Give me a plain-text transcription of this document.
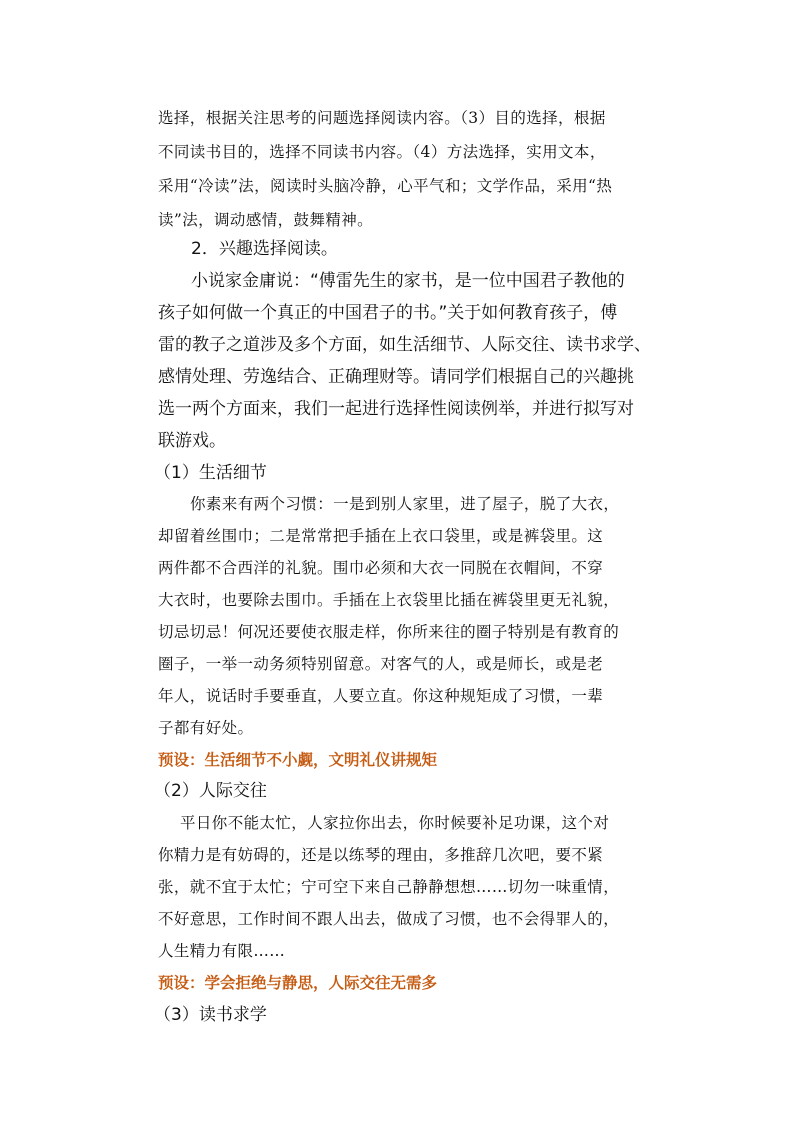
选择，根据关注思考的问题选择阅读内容。（3）目的选择，根据
不同读书目的，选择不同读书内容。（4）方法选择，实用文本，
采用“冷读”法，阅读时头脑冷静，心平气和；文学作品，采用“热
读”法，调动感情，鼓舞精神。
2．兴趣选择阅读。
小说家金庸说：“傅雷先生的家书，是一位中国君子教他的
孩子如何做一个真正的中国君子的书。”关于如何教育孩子，傅
雷的教子之道涉及多个方面，如生活细节、人际交往、读书求学、
感情处理、劳逸结合、正确理财等。请同学们根据自己的兴趣挑
选一两个方面来，我们一起进行选择性阅读例举，并进行拟写对
联游戏。
（1）生活细节
你素来有两个习惯：一是到别人家里，进了屋子，脱了大衣，
却留着丝围巾；二是常常把手插在上衣口袋里，或是裤袋里。这
两件都不合西洋的礼貌。围巾必须和大衣一同脱在衣帽间，不穿
大衣时，也要除去围巾。手插在上衣袋里比插在裤袋里更无礼貌，
切忌切忌！何况还要使衣服走样，你所来往的圈子特别是有教育的
圈子，一举一动务须特别留意。对客气的人，或是师长，或是老
年人，说话时手要垂直，人要立直。你这种规矩成了习惯，一辈
子都有好处。
预设：生活细节不小觑，文明礼仪讲规矩
（2）人际交往
平日你不能太忙，人家拉你出去，你时候要补足功课，这个对
你精力是有妨碍的，还是以练琴的理由，多推辞几次吧，要不紧
张，就不宜于太忙；宁可空下来自己静静想想……切勿一味重情，
不好意思，工作时间不跟人出去，做成了习惯，也不会得罪人的，
人生精力有限……
预设：学会拒绝与静思，人际交往无需多
（3）读书求学
